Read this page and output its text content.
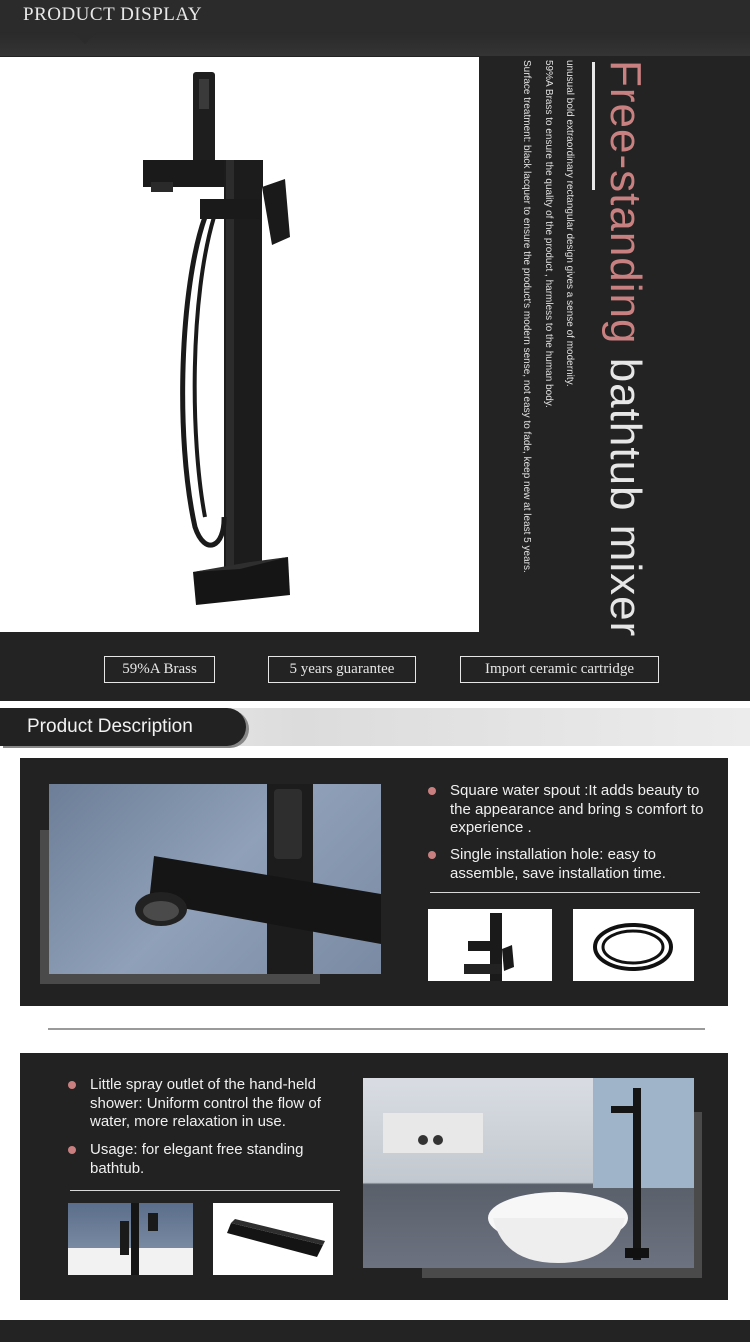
PRODUCT DISPLAY
Free-standing bathtub mixer
unusual bold extraordinary rectangular design gives a sense of modernity.
59%A Brass to ensure the quality of the product , harmless to the human body.
Surface treatment: black lacquer to ensure the product's modern sense, not easy to fade, keep new at least 5 years.
59%A Brass	5 years guarantee	Import ceramic cartridge
Product Description
Square water spout :It adds beauty to the appearance and bring s comfort to experience .
Single installation hole: easy to assemble, save installation time.
Little spray outlet of the hand-held shower: Uniform control the flow of water, more relaxation in use.
Usage: for elegant free standing bathtub.
